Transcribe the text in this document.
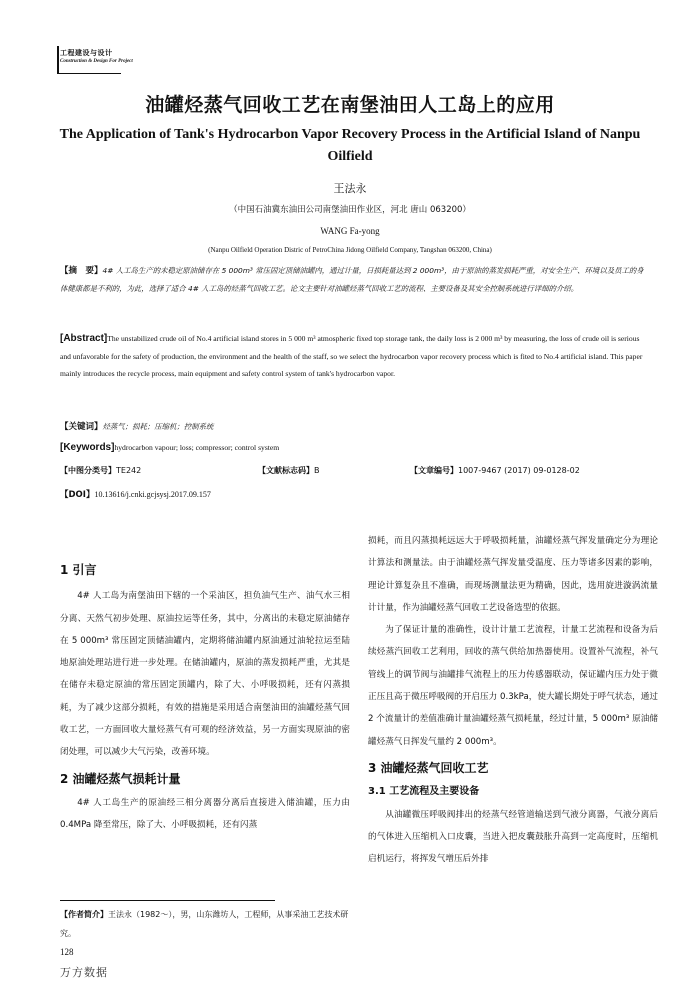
工程建设与设计
Construction & Design For Project
油罐烃蒸气回收工艺在南堡油田人工岛上的应用
The Application of Tank's Hydrocarbon Vapor Recovery Process in the Artificial Island of Nanpu Oilfield
王法永
（中国石油冀东油田公司南堡油田作业区，河北 唐山 063200）
WANG Fa-yong
(Nanpu Oilfield Operation Distric of PetroChina Jidong Oilfield Company, Tangshan 063200, China)
【摘　要】4# 人工岛生产的未稳定原油储存在 5 000m³ 常压固定顶储油罐内，通过计量，日损耗量达到 2 000m³，由于原油的蒸发损耗严重，对安全生产、环境以及员工的身体健康都是不利的，为此，选择了适合 4# 人工岛的烃蒸气回收工艺。论文主要针对油罐烃蒸气回收工艺的流程、主要设备及其安全控制系统进行详细的介绍。
[Abstract]The unstabilized crude oil of No.4 artificial island stores in 5 000 m³ atmospheric fixed top storage tank, the daily loss is 2 000 m³ by measuring, the loss of crude oil is serious and unfavorable for the safety of production, the environment and the health of the staff, so we select the hydrocarbon vapor recovery process which is fited to No.4 artificial island. This paper mainly introduces the recycle process, main equipment and safety control system of tank's hydrocarbon vapor.
【关键词】烃蒸气；损耗；压缩机；控制系统
[Keywords]hydrocarbon vapour; loss; compressor; control system
【中图分类号】TE242	【文献标志码】B	【文章编号】1007-9467 (2017) 09-0128-02
【DOI】10.13616/j.cnki.gcjsysj.2017.09.157
1 引言

4# 人工岛为南堡油田下辖的一个采油区，担负油气生产、油气水三相分离、天然气初步处理、原油拉运等任务，其中，分离出的未稳定原油储存在 5 000m³ 常压固定顶储油罐内，定期将储油罐内原油通过油轮拉运至陆地原油处理站进行进一步处理。在储油罐内，原油的蒸发损耗严重，尤其是在储存未稳定原油的常压固定顶罐内，除了大、小呼吸损耗，还有闪蒸损耗，为了减少这部分损耗，有效的措施是采用适合南堡油田的油罐烃蒸气回收工艺，一方面回收大量烃蒸气有可观的经济效益，另一方面实现原油的密闭处理，可以减少大气污染，改善环境。

2 油罐烃蒸气损耗计量

4# 人工岛生产的原油经三相分离器分离后直接进入储油罐，压力由 0.4MPa 降至常压，除了大、小呼吸损耗，还有闪蒸

损耗，而且闪蒸损耗远远大于呼吸损耗量，油罐烃蒸气挥发量确定分为理论计算法和测量法。由于油罐烃蒸气挥发量受温度、压力等诸多因素的影响，理论计算复杂且不准确，而现场测量法更为精确，因此，选用旋进漩涡流量计计量，作为油罐烃蒸气回收工艺设备选型的依据。

为了保证计量的准确性，设计计量工艺流程，计量工艺流程和设备为后续烃蒸汽回收工艺利用，回收的蒸气供给加热器使用。设置补气流程，补气管线上的调节阀与油罐排气流程上的压力传感器联动，保证罐内压力处于微正压且高于微压呼吸阀的开启压力 0.3kPa，使大罐长期处于呼气状态，通过 2 个流量计的差值准确计量油罐烃蒸气损耗量，经过计量，5 000m³ 原油储罐烃蒸气日挥发气量约 2 000m³。

3 油罐烃蒸气回收工艺
3.1 工艺流程及主要设备

从油罐微压呼吸阀排出的烃蒸气经管道输送到气液分离器，气液分离后的气体进入压缩机入口皮囊，当进入把皮囊鼓胀升高到一定高度时，压缩机启机运行，将挥发气增压后外排

【作者简介】王法永（1982～），男，山东潍坊人，工程师，从事采油工艺技术研究。
128
万方数据
